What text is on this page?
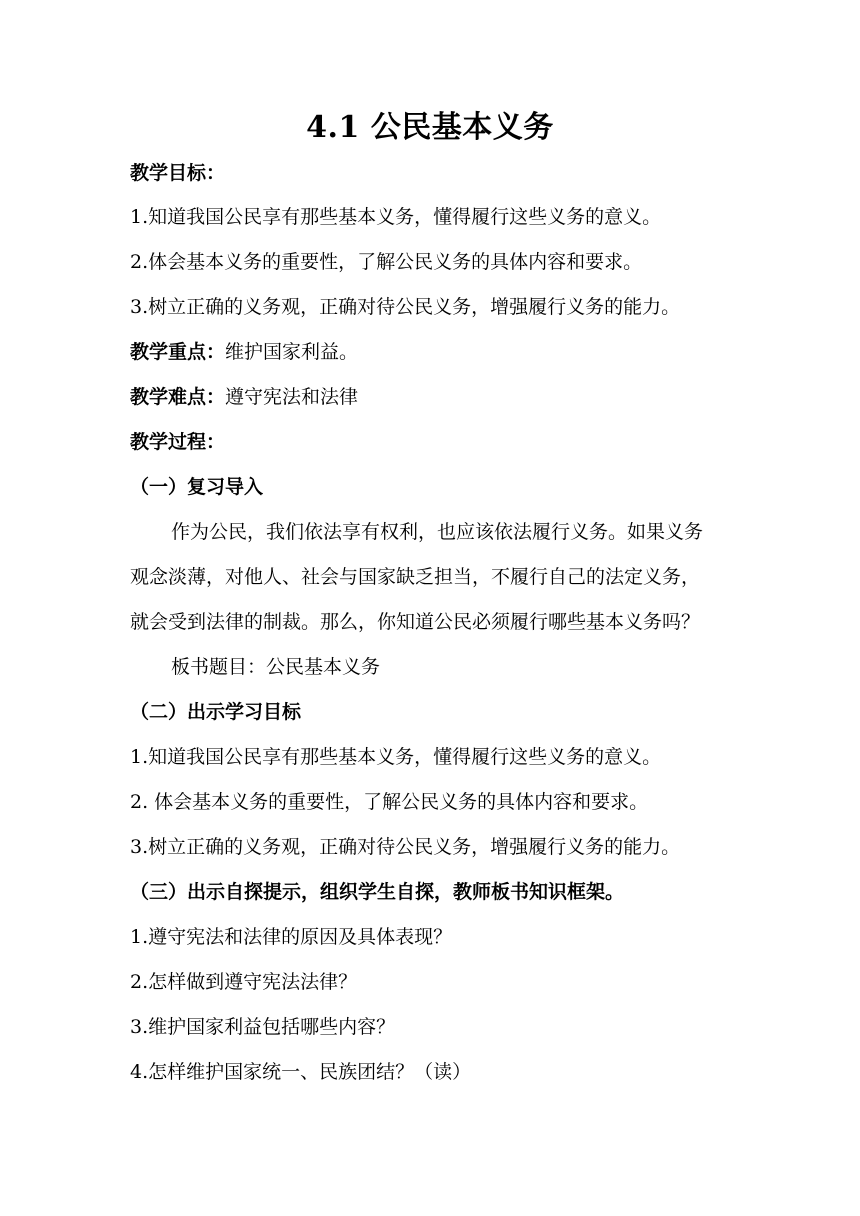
4.1 公民基本义务
教学目标：
1.知道我国公民享有那些基本义务，懂得履行这些义务的意义。
2.体会基本义务的重要性，了解公民义务的具体内容和要求。
3.树立正确的义务观，正确对待公民义务，增强履行义务的能力。
教学重点：维护国家利益。
教学难点：遵守宪法和法律
教学过程：
（一）复习导入
作为公民，我们依法享有权利，也应该依法履行义务。如果义务
观念淡薄，对他人、社会与国家缺乏担当，不履行自己的法定义务，
就会受到法律的制裁。那么，你知道公民必须履行哪些基本义务吗？
板书题目：公民基本义务
（二）出示学习目标
1.知道我国公民享有那些基本义务，懂得履行这些义务的意义。
2. 体会基本义务的重要性，了解公民义务的具体内容和要求。
3.树立正确的义务观，正确对待公民义务，增强履行义务的能力。
（三）出示自探提示，组织学生自探，教师板书知识框架。
1.遵守宪法和法律的原因及具体表现？
2.怎样做到遵守宪法法律？
3.维护国家利益包括哪些内容？
4.怎样维护国家统一、民族团结？（读）
